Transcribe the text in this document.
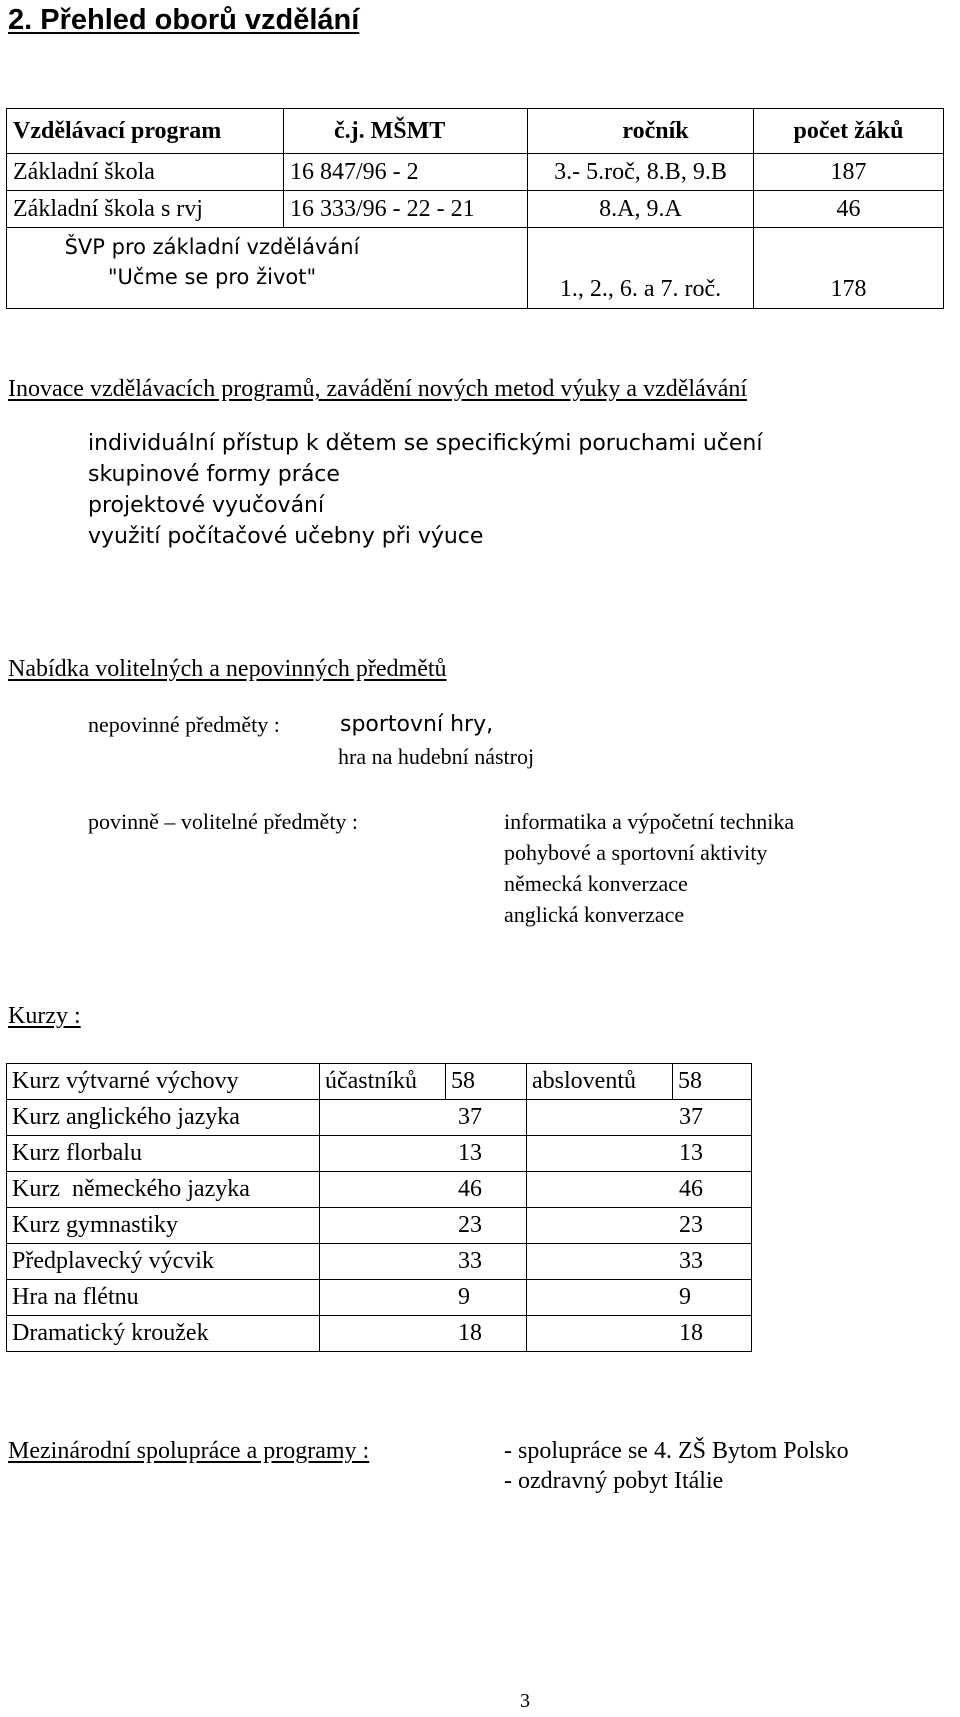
2. Přehled oborů vzdělání
Vzdělávací program	č.j. MŠMT	ročník	počet žáků
Základní škola	16 847/96 - 2	3.- 5.roč, 8.B, 9.B	187
Základní škola s rvj	16 333/96 - 22 - 21	8.A, 9.A	46

ŠVP pro základní vzdělávání
"Učme se pro život"		1., 2., 6. a 7. roč.	178
Inovace vzdělávacích programů, zavádění nových metod výuky a vzdělávání
individuální přístup k dětem se specifickými poruchami učení
skupinové formy práce
projektové vyučování
využití počítačové učebny při výuce
Nabídka volitelných a nepovinných předmětů
nepovinné předměty :	sportovní hry,
hra na hudební nástroj
povinně – volitelné předměty :	informatika a výpočetní technika
pohybové a sportovní aktivity
německá konverzace
anglická konverzace
Kurzy :
Kurz výtvarné výchovy	účastníků	58	absloventů	58
Kurz anglického jazyka	37		37	
Kurz florbalu	13		13	
Kurz  německého jazyka	46		46	
Kurz gymnastiky	23		23	
Předplavecký výcvik	33		33	
Hra na flétnu	9		9	
Dramatický kroužek	18		18	
Mezinárodní spolupráce a programy :	- spolupráce se 4. ZŠ Bytom Polsko
- ozdravný pobyt Itálie
3
